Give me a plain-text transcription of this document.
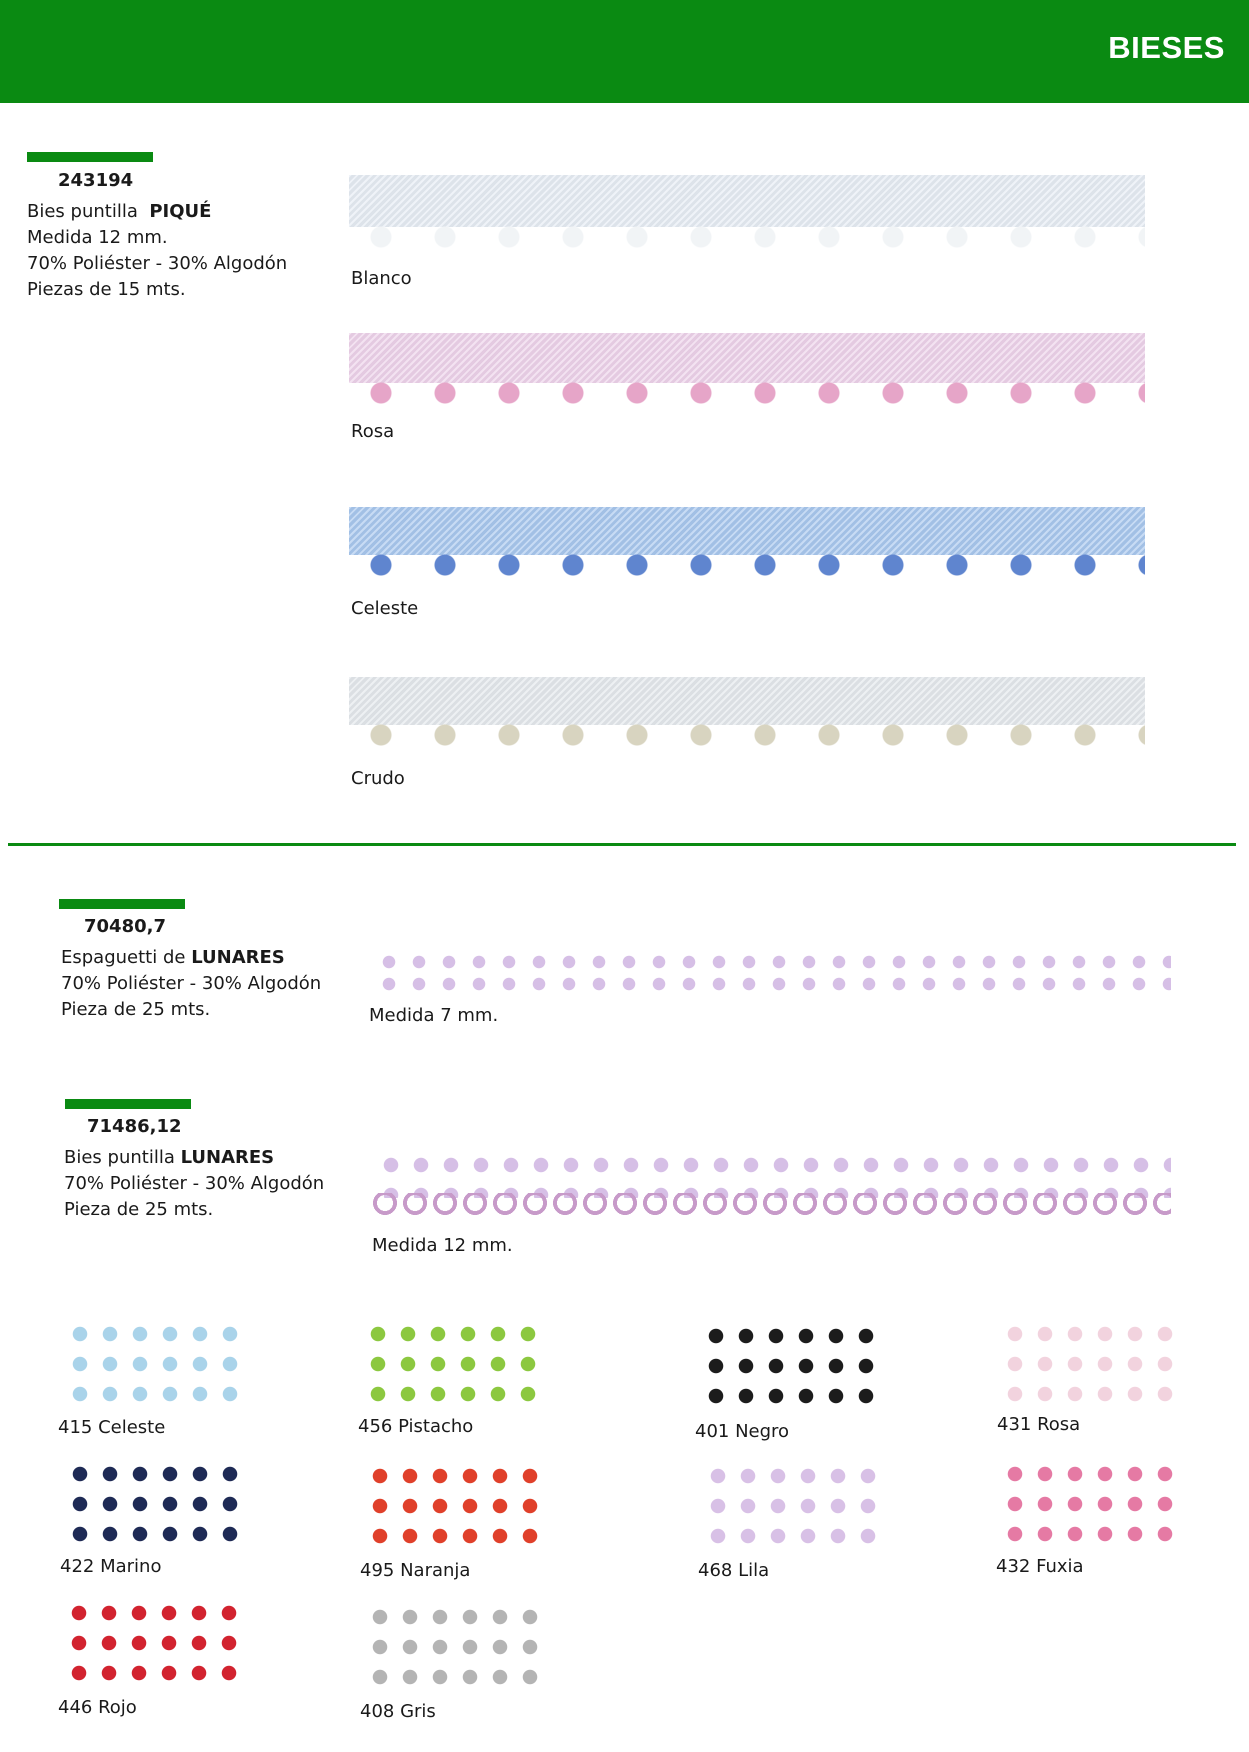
BIESES
243194
Bies puntilla  PIQUÉ
Medida 12 mm.
70% Poliéster - 30% Algodón
Piezas de 15 mts.
Blanco
Rosa
Celeste
Crudo
70480,7
Espaguetti de LUNARES
70% Poliéster - 30% Algodón
Pieza de 25 mts.	Medida 7 mm.
71486,12
Bies puntilla LUNARES
70% Poliéster - 30% Algodón
Pieza de 25 mts.
Medida 12 mm.
415 Celeste	456 Pistacho	401 Negro	431 Rosa
422 Marino	495 Naranja	468 Lila	432 Fuxia
446 Rojo	408 Gris
